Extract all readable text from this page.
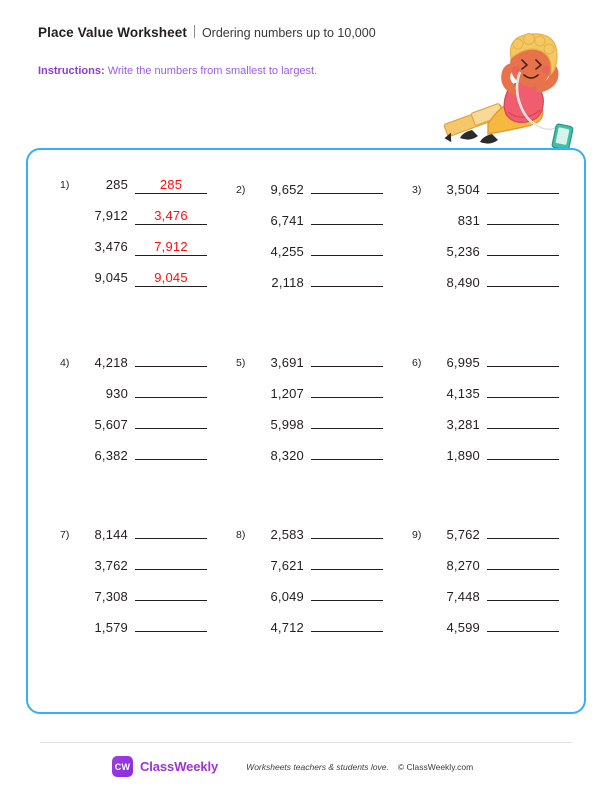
Place Value Worksheet Ordering numbers up to 10,000
Instructions: Write the numbers from smallest to largest.
1)	285	285
7,912	3,476
3,476	7,912
9,045	9,045
2)	9,652
6,741
4,255
2,118
3)	3,504
831
5,236
8,490
4)	4,218
930
5,607
6,382
5)	3,691
1,207
5,998
8,320
6)	6,995
4,135
3,281
1,890
7)	8,144
3,762
7,308
1,579
8)	2,583
7,621
6,049
4,712
9)	5,762
8,270
7,448
4,599
CW ClassWeekly	Worksheets teachers & students love. © ClassWeekly.com
